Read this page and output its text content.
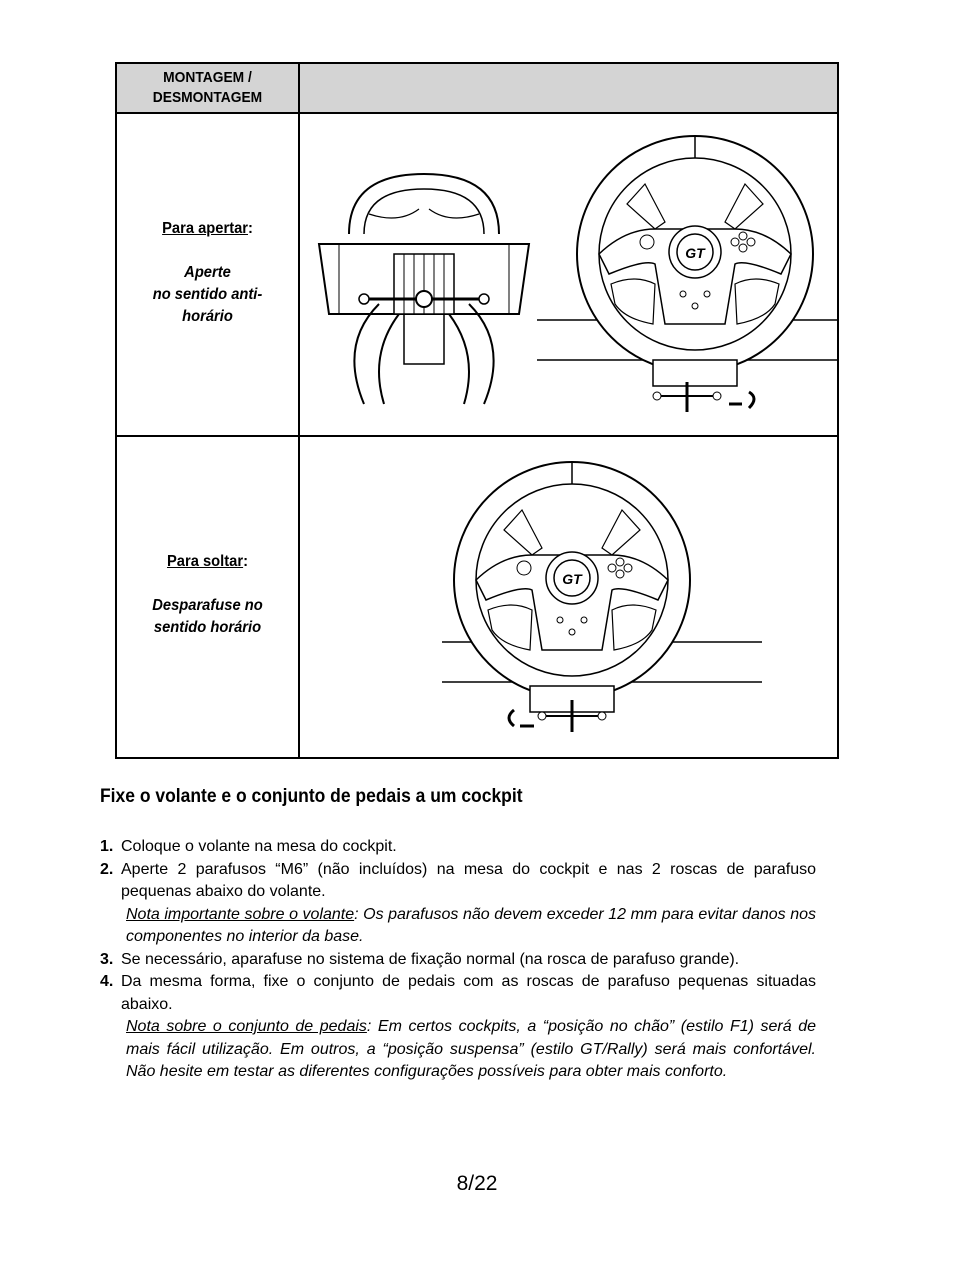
MONTAGEM /
DESMONTAGEM
Para apertar:
Aperte
no sentido anti-
horário
Para soltar:
Desparafuse no
sentido horário
Fixe o volante e o conjunto de pedais a um cockpit
1. Coloque o volante na mesa do cockpit.
2. Aperte 2 parafusos “M6” (não incluídos) na mesa do cockpit e nas 2 roscas de parafuso pequenas abaixo do volante.
Nota importante sobre o volante: Os parafusos não devem exceder 12 mm para evitar danos nos componentes no interior da base.
3. Se necessário, aparafuse no sistema de fixação normal (na rosca de parafuso grande).
4. Da mesma forma, fixe o conjunto de pedais com as roscas de parafuso pequenas situadas abaixo.
Nota sobre o conjunto de pedais: Em certos cockpits, a “posição no chão” (estilo F1) será de mais fácil utilização. Em outros, a “posição suspensa” (estilo GT/Rally) será mais confortável. Não hesite em testar as diferentes configurações possíveis para obter mais conforto.
8/22
